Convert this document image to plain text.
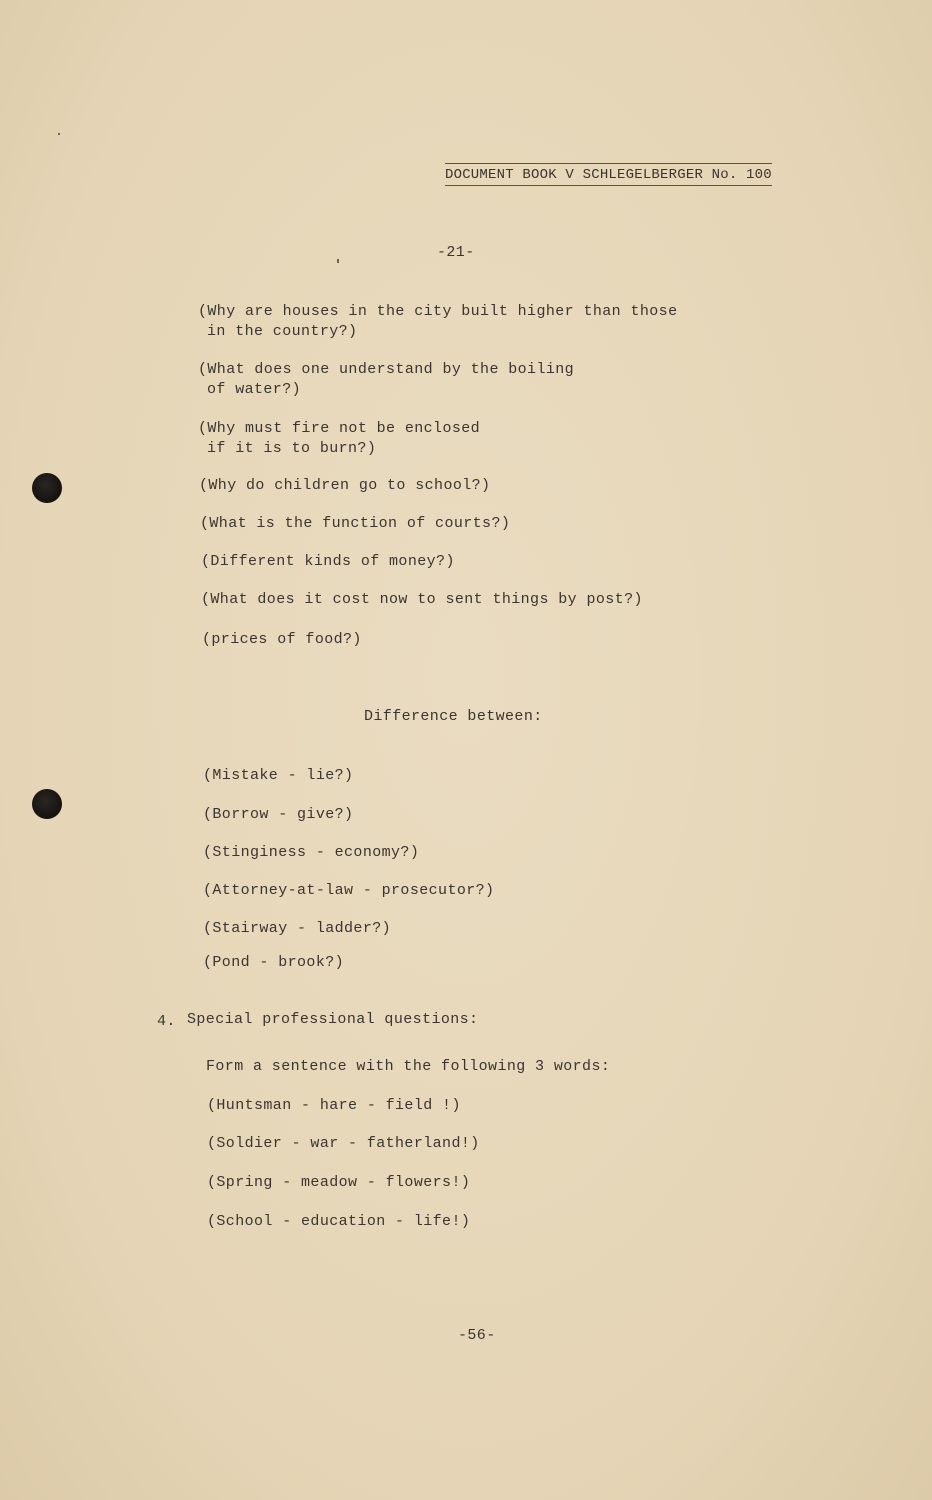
DOCUMENT BOOK V SCHLEGELBERGER No. 100
-21-
(Why are houses in the city built higher than those
in the country?)
(What does one understand by the boiling
of water?)
(Why must fire not be enclosed
if it is to burn?)
(Why do children go to school?)
(What is the function of courts?)
(Different kinds of money?)
(What does it cost now to sent things by post?)
(prices of food?)
Difference between:
(Mistake - lie?)
(Borrow - give?)
(Stinginess - economy?)
(Attorney-at-law - prosecutor?)
(Stairway - ladder?)
(Pond - brook?)
4. Special professional questions:
Form a sentence with the following 3 words:
(Huntsman - hare - field !)
(Soldier - war - fatherland!)
(Spring - meadow - flowers!)
(School - education - life!)
-56-
